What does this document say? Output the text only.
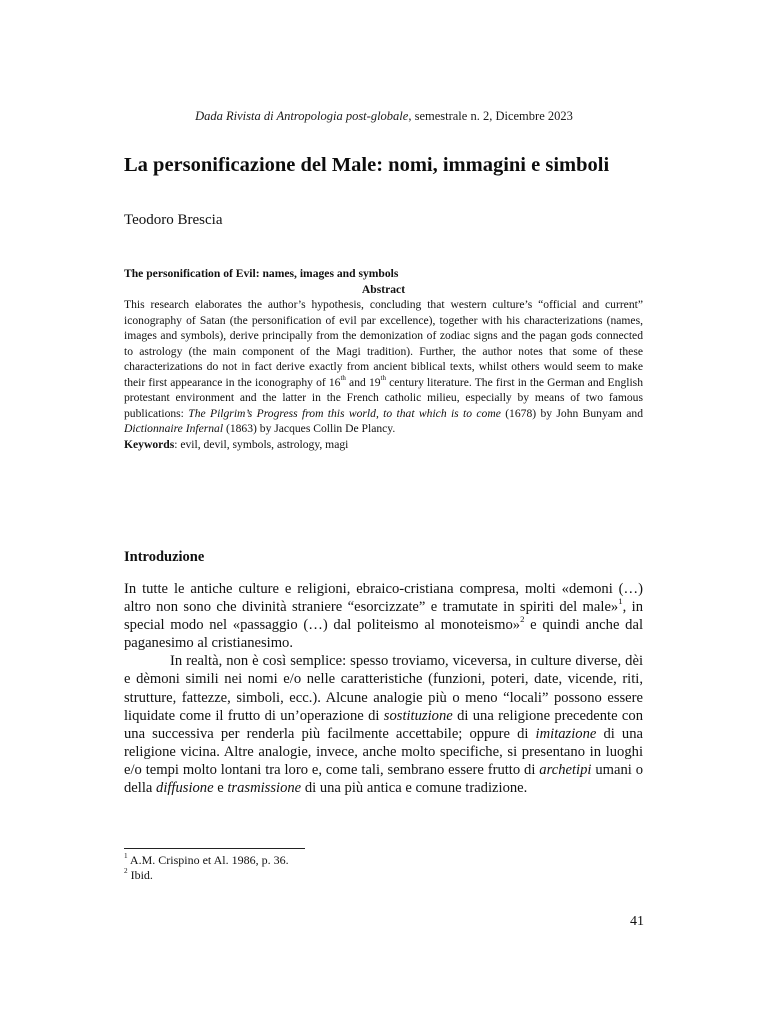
Dada Rivista di Antropologia post-globale, semestrale n. 2, Dicembre 2023
La personificazione del Male: nomi, immagini e simboli
Teodoro Brescia
The personification of Evil: names, images and symbols
Abstract
This research elaborates the author’s hypothesis, concluding that western culture’s “official and current” iconography of Satan (the personification of evil par excellence), together with his characterizations (names, images and symbols), derive principally from the demonization of zodiac signs and the pagan gods connected to astrology (the main component of the Magi tradition). Further, the author notes that some of these characterizations do not in fact derive exactly from ancient biblical texts, whilst others would seem to make their first appearance in the iconography of 16th and 19th century literature. The first in the German and English protestant environment and the latter in the French catholic milieu, especially by means of two famous publications: The Pilgrim’s Progress from this world, to that which is to come (1678) by John Bunyam and Dictionnaire Infernal (1863) by Jacques Collin De Plancy.
Keywords: evil, devil, symbols, astrology, magi
Introduzione

In tutte le antiche culture e religioni, ebraico-cristiana compresa, molti «demoni (…) altro non sono che divinità straniere “esorcizzate” e tramutate in spiriti del male»$^1$, in special modo nel «passaggio (…) dal politeismo al monoteismo»$^2$ e quindi anche dal paganesimo al cristianesimo.

In realtà, non è così semplice: spesso troviamo, viceversa, in culture diverse, dèi e dèmoni simili nei nomi e/o nelle caratteristiche (funzioni, poteri, date, vicende, riti, strutture, fattezze, simboli, ecc.). Alcune analogie più o meno “locali” possono essere liquidate come il frutto di un’operazione di sostituzione di una religione precedente con una successiva per renderla più facilmente accettabile; oppure di imitazione di una religione vicina. Altre analogie, invece, anche molto specifiche, si presentano in luoghi e/o tempi molto lontani tra loro e, come tali, sembrano essere frutto di archetipi umani o della diffusione e trasmissione di una più antica e comune tradizione.

$^1$ A.M. Crispino et Al. 1986, p. 36.
$^2$ Ibid.
41
